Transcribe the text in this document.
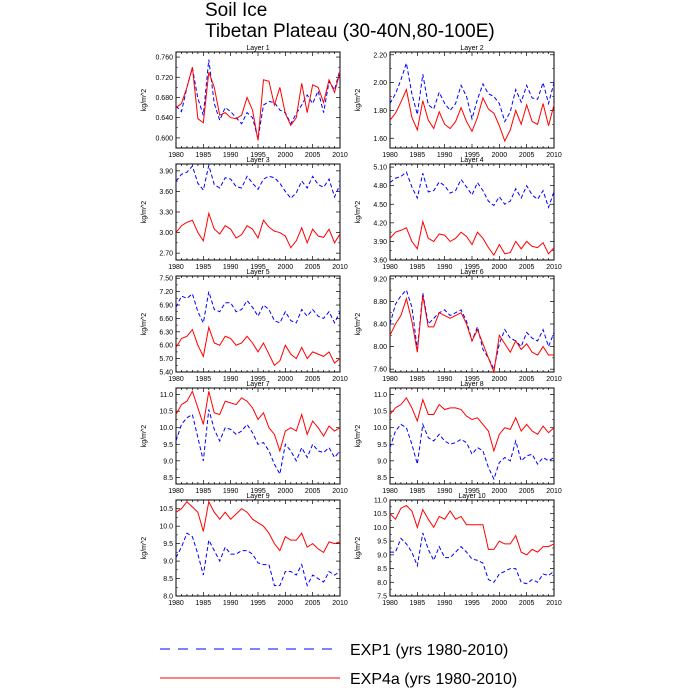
Soil Ice
Tibetan Plateau (30-40N,80-100E)
Layer 1
1980 1985 1990 1995 2000 2005 2010
0.600
0.640
0.680
0.720
0.760
kg/m^2
Layer 2
1980 1985 1990 1995 2000 2005 2010
1.60
1.80
2.00
2.20
kg/m^2
Layer 3
1980 1985 1990 1995 2000 2005 2010
2.70
3.00
3.30
3.60
3.90
kg/m^2
Layer 4
1980 1985 1990 1995 2000 2005 2010
3.60
3.90
4.20
4.50
4.80
5.10
kg/m^2
Layer 5
1980 1985 1990 1995 2000 2005 2010
5.40
5.70
6.00
6.30
6.60
6.90
7.20
7.50
kg/m^2
Layer 6
1980 1985 1990 1995 2000 2005 2010
7.60
8.00
8.40
8.80
9.20
kg/m^2
Layer 7
1980 1985 1990 1995 2000 2005 2010
8.5
9.0
9.5
10.0
10.5
11.0
kg/m^2
Layer 8
1980 1985 1990 1995 2000 2005 2010
8.5
9.0
9.5
10.0
10.5
11.0
kg/m^2
Layer 9
1980 1985 1990 1995 2000 2005 2010
8.0
8.5
9.0
9.5
10.0
10.5
kg/m^2
Layer 10
1980 1985 1990 1995 2000 2005 2010
7.5
8.0
8.5
9.0
9.5
10.0
10.5
11.0
kg/m^2
EXP1 (yrs 1980-2010)
EXP4a (yrs 1980-2010)
